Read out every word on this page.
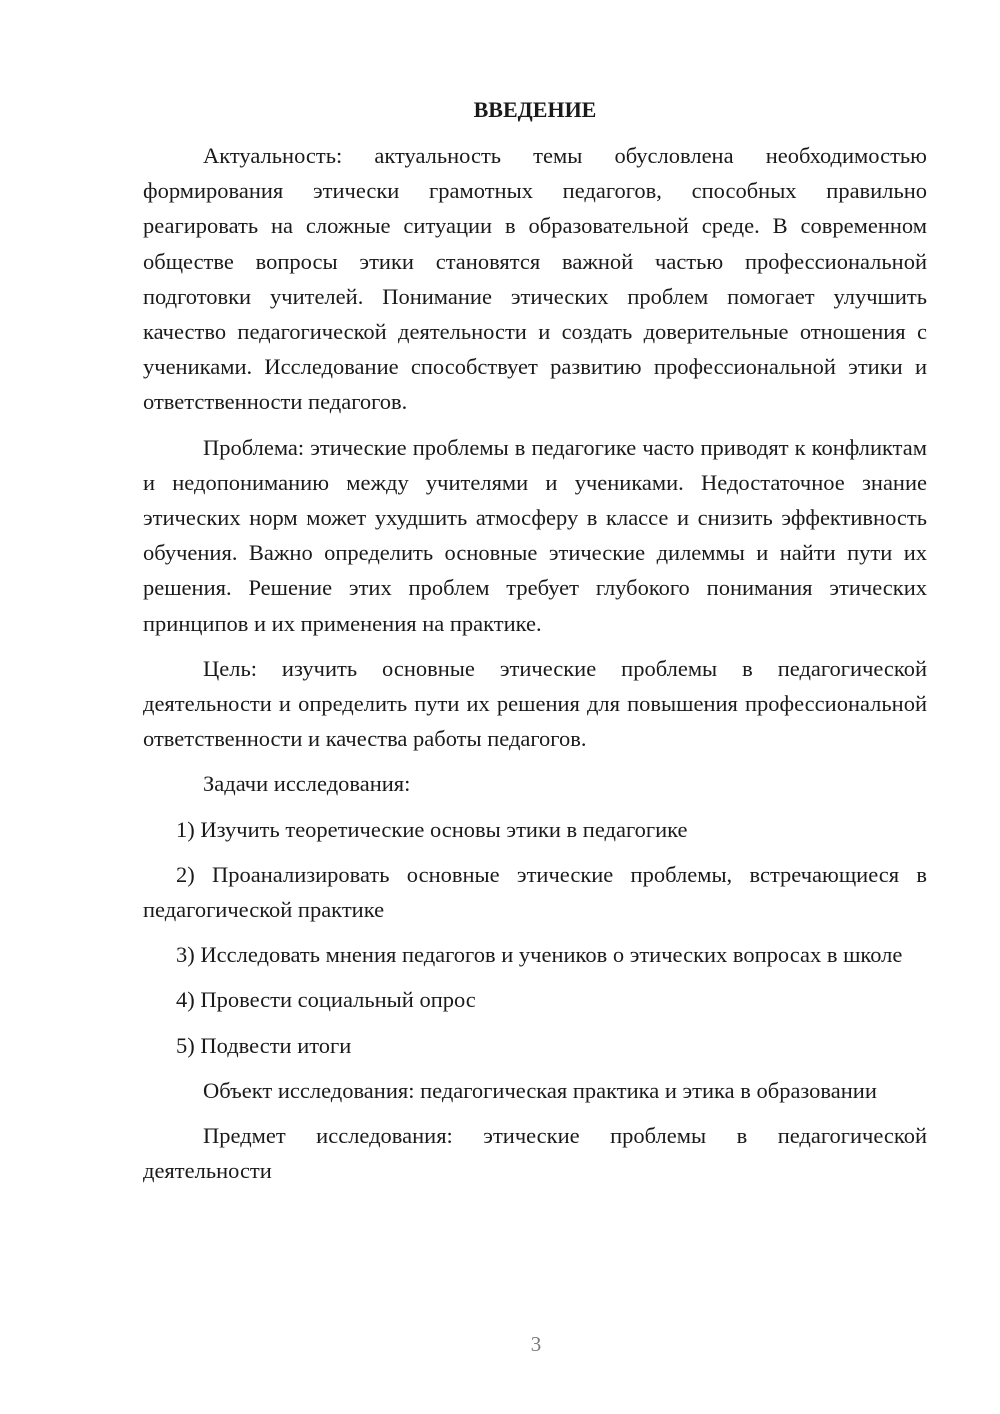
ВВЕДЕНИЕ

Актуальность: актуальность темы обусловлена необходимостью формирования этически грамотных педагогов, способных правильно реагировать на сложные ситуации в образовательной среде. В современном обществе вопросы этики становятся важной частью профессиональной подготовки учителей. Понимание этических проблем помогает улучшить качество педагогической деятельности и создать доверительные отношения с учениками. Исследование способствует развитию профессиональной этики и ответственности педагогов.

Проблема: этические проблемы в педагогике часто приводят к конфликтам и недопониманию между учителями и учениками. Недостаточное знание этических норм может ухудшить атмосферу в классе и снизить эффективность обучения. Важно определить основные этические дилеммы и найти пути их решения. Решение этих проблем требует глубокого понимания этических принципов и их применения на практике.

Цель: изучить основные этические проблемы в педагогической деятельности и определить пути их решения для повышения профессиональной ответственности и качества работы педагогов.

Задачи исследования:

1) Изучить теоретические основы этики в педагогике

2) Проанализировать основные этические проблемы, встречающиеся в педагогической практике

3) Исследовать мнения педагогов и учеников о этических вопросах в школе

4) Провести социальный опрос

5) Подвести итоги

Объект исследования: педагогическая практика и этика в образовании

Предмет исследования: этические проблемы в педагогической деятельности

3
